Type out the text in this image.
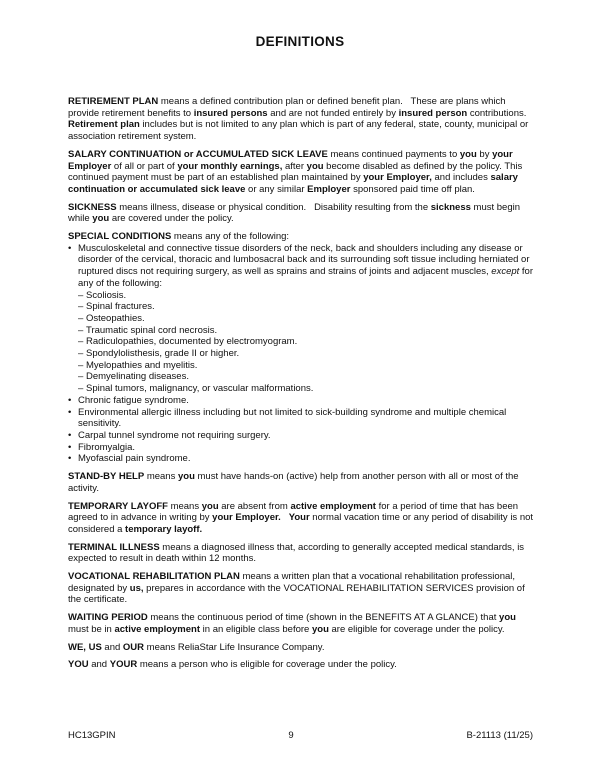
DEFINITIONS

RETIREMENT PLAN means a defined contribution plan or defined benefit plan.   These are plans which provide retirement benefits to insured persons and are not funded entirely by insured person contributions.   Retirement plan includes but is not limited to any plan which is part of any federal, state, county, municipal or association retirement system.

SALARY CONTINUATION or ACCUMULATED SICK LEAVE means continued payments to you by your Employer of all or part of your monthly earnings, after you become disabled as defined by the policy. This continued payment must be part of an established plan maintained by your Employer, and includes salary continuation or accumulated sick leave or any similar Employer sponsored paid time off plan.

SICKNESS means illness, disease or physical condition.   Disability resulting from the sickness must begin while you are covered under the policy.

SPECIAL CONDITIONS means any of the following:

• Musculoskeletal and connective tissue disorders of the neck, back and shoulders including any disease or disorder of the cervical, thoracic and lumbosacral back and its surrounding soft tissue including herniated or ruptured discs not requiring surgery, as well as sprains and strains of joints and adjacent muscles, except for any of the following:
– Scoliosis.
– Spinal fractures.
– Osteopathies.
– Traumatic spinal cord necrosis.
– Radiculopathies, documented by electromyogram.
– Spondylolisthesis, grade II or higher.
– Myelopathies and myelitis.
– Demyelinating diseases.
– Spinal tumors, malignancy, or vascular malformations.
• Chronic fatigue syndrome.
• Environmental allergic illness including but not limited to sick-building syndrome and multiple chemical sensitivity.
• Carpal tunnel syndrome not requiring surgery.
• Fibromyalgia.
• Myofascial pain syndrome.

STAND-BY HELP means you must have hands-on (active) help from another person with all or most of the activity.

TEMPORARY LAYOFF means you are absent from active employment for a period of time that has been agreed to in advance in writing by your Employer. Your normal vacation time or any period of disability is not considered a temporary layoff.

TERMINAL ILLNESS means a diagnosed illness that, according to generally accepted medical standards, is expected to result in death within 12 months.

VOCATIONAL REHABILITATION PLAN means a written plan that a vocational rehabilitation professional, designated by us, prepares in accordance with the VOCATIONAL REHABILITATION SERVICES provision of the certificate.

WAITING PERIOD means the continuous period of time (shown in the BENEFITS AT A GLANCE) that you must be in active employment in an eligible class before you are eligible for coverage under the policy.

WE, US and OUR means ReliaStar Life Insurance Company.

YOU and YOUR means a person who is eligible for coverage under the policy.

HC13GPIN	9	B-21113 (11/25)
